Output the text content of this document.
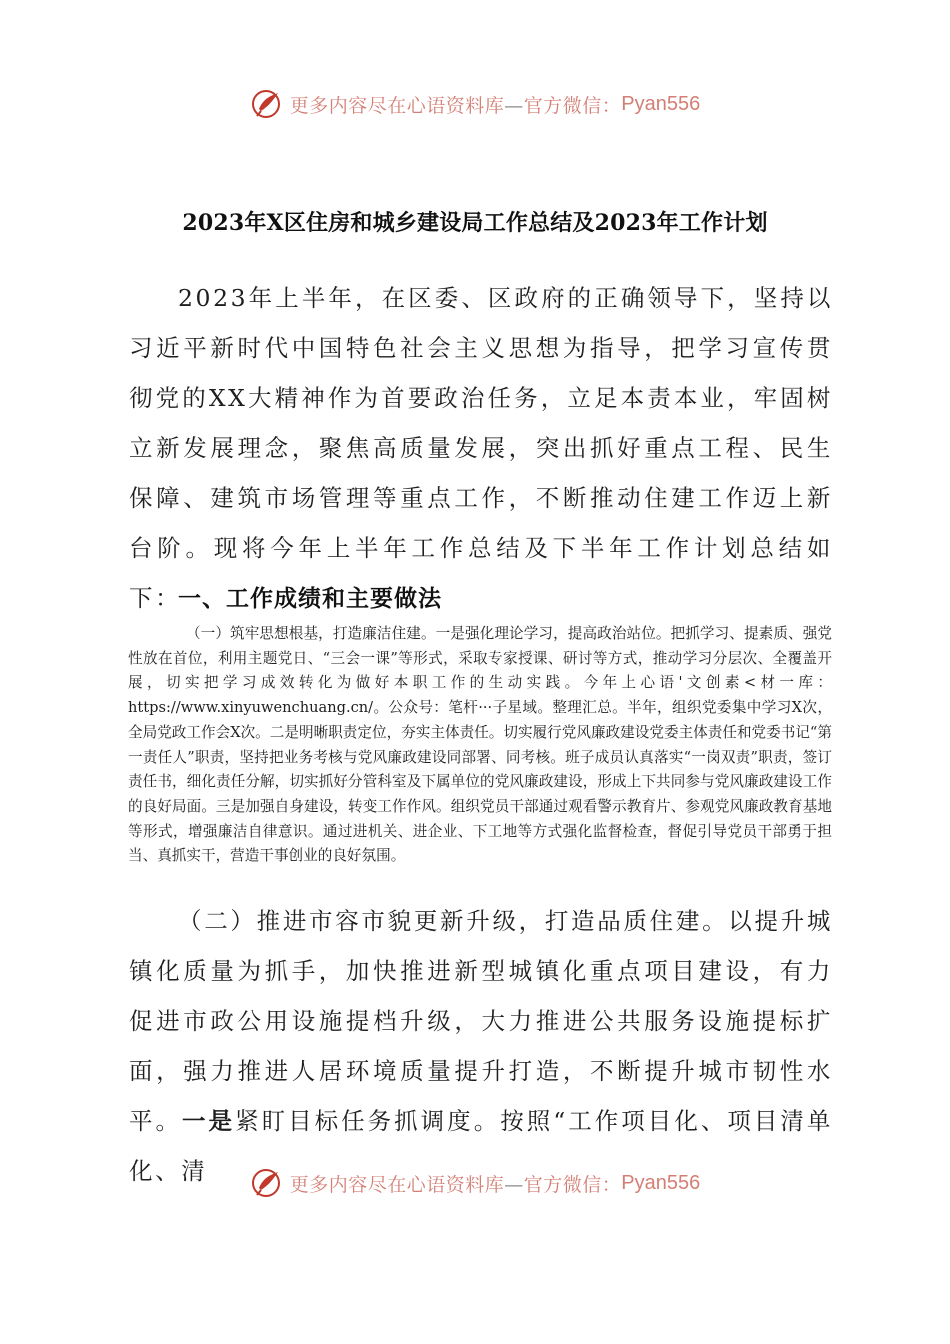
更多内容尽在心语资料库—官方微信： Pyan556
2023年X区住房和城乡建设局工作总结及2023年工作计划

2023年上半年，在区委、区政府的正确领导下，坚持以习近平新时代中国特色社会主义思想为指导，把学习宣传贯彻党的XX大精神作为首要政治任务，立足本责本业，牢固树立新发展理念，聚焦高质量发展，突出抓好重点工程、民生保障、建筑市场管理等重点工作，不断推动住建工作迈上新台阶。现将今年上半年工作总结及下半年工作计划总结如下：

一、工作成绩和主要做法

（一）筑牢思想根基，打造廉洁住建。一是强化理论学习，提高政治站位。把抓学习、提素质、强党性放在首位，利用主题党日、“三会一课”等形式，采取专家授课、研讨等方式，推动学习分层次、全覆盖开展，切实把学习成效转化为做好本职工作的生动实践。今年上心语'文创素<材一库：https://www.xinyuwenchuang.cn/。公众号：笔杆···子星域。整理汇总。半年，组织党委集中学习X次，全局党政工作会X次。二是明晰职责定位，夯实主体责任。切实履行党风廉政建设党委主体责任和党委书记“第一责任人”职责，坚持把业务考核与党风廉政建设同部署、同考核。班子成员认真落实“一岗双责”职责，签订责任书，细化责任分解，切实抓好分管科室及下属单位的党风廉政建设，形成上下共同参与党风廉政建设工作的良好局面。三是加强自身建设，转变工作作风。组织党员干部通过观看警示教育片、参观党风廉政教育基地等形式，增强廉洁自律意识。通过进机关、进企业、下工地等方式强化监督检查，督促引导党员干部勇于担当、真抓实干，营造干事创业的良好氛围。

（二）推进市容市貌更新升级，打造品质住建。以提升城镇化质量为抓手，加快推进新型城镇化重点项目建设，有力促进市政公用设施提档升级，大力推进公共服务设施提标扩面，强力推进人居环境质量提升打造，不断提升城市韧性水平。一是紧盯目标任务抓调度。按照“工作项目化、项目清单化、清	更多内容尽在心语资料库—官方微信： Pyan556
